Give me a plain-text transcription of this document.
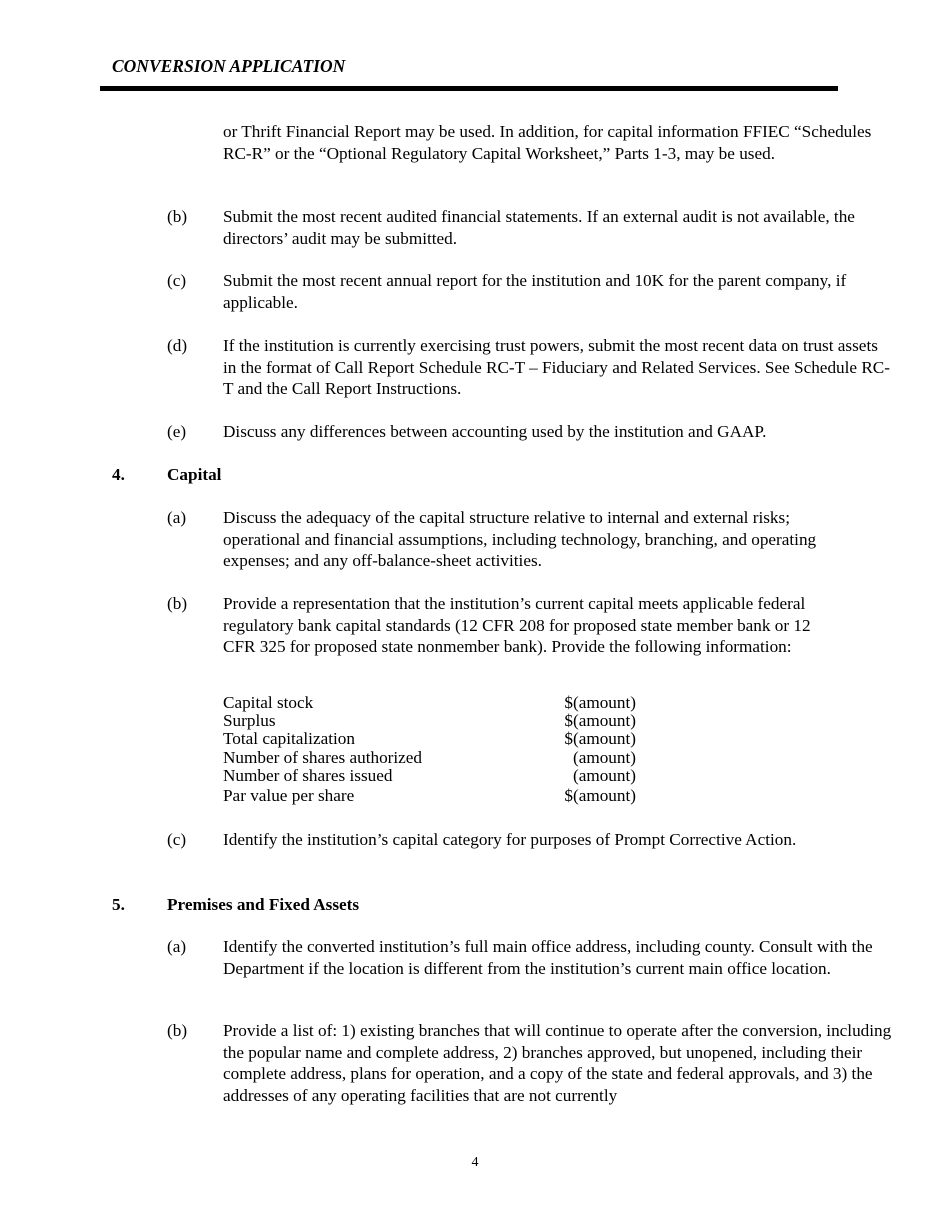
CONVERSION APPLICATION
or Thrift Financial Report may be used. In addition, for capital information FFIEC “Schedules RC-R” or the “Optional Regulatory Capital Worksheet,” Parts 1-3, may be used.
(b) Submit the most recent audited financial statements. If an external audit is not available, the directors’ audit may be submitted.
(c) Submit the most recent annual report for the institution and 10K for the parent company, if applicable.
(d) If the institution is currently exercising trust powers, submit the most recent data on trust assets in the format of Call Report Schedule RC-T – Fiduciary and Related Services. See Schedule RC-T and the Call Report Instructions.
(e) Discuss any differences between accounting used by the institution and GAAP.
4. Capital
(a) Discuss the adequacy of the capital structure relative to internal and external risks; operational and financial assumptions, including technology, branching, and operating expenses; and any off-balance-sheet activities.
(b) Provide a representation that the institution’s current capital meets applicable federal regulatory bank capital standards (12 CFR 208 for proposed state member bank or 12 CFR 325 for proposed state nonmember bank). Provide the following information:
Capital stock	$(amount)
Surplus	$(amount)
Total capitalization	$(amount)
Number of shares authorized	(amount)
Number of shares issued	(amount)
Par value per share	$(amount)
(c) Identify the institution’s capital category for purposes of Prompt Corrective Action.
5. Premises and Fixed Assets
(a) Identify the converted institution’s full main office address, including county. Consult with the Department if the location is different from the institution’s current main office location.
(b) Provide a list of: 1) existing branches that will continue to operate after the conversion, including the popular name and complete address, 2) branches approved, but unopened, including their complete address, plans for operation, and a copy of the state and federal approvals, and 3) the addresses of any operating facilities that are not currently
4
